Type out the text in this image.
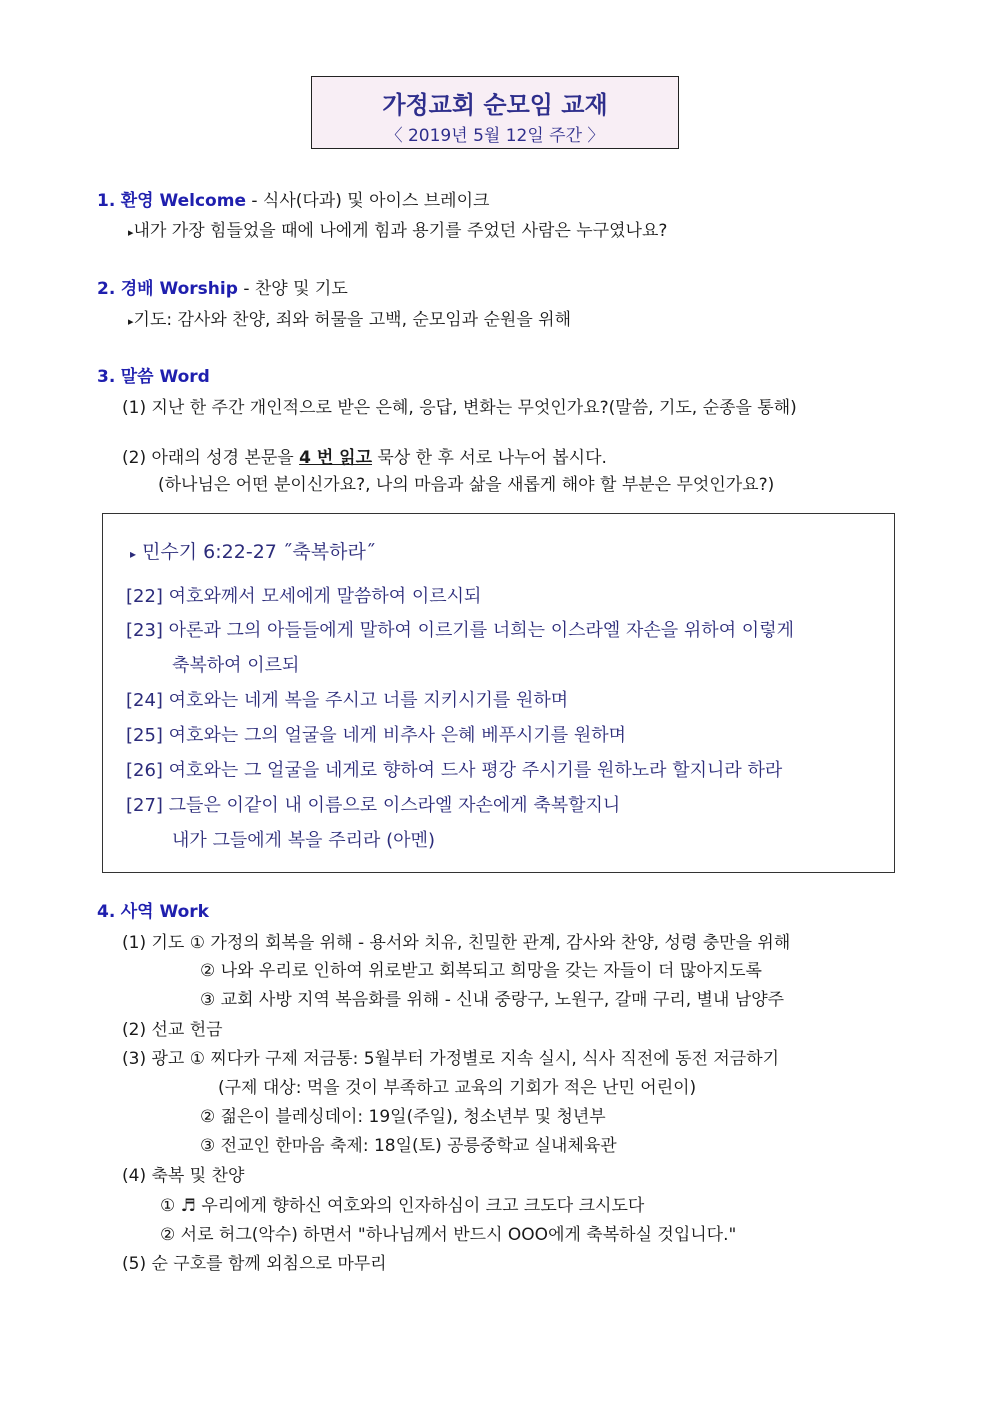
가정교회 순모임 교재
〈 2019년 5월 12일 주간 〉
1. 환영 Welcome - 식사(다과) 및 아이스 브레이크
▸내가 가장 힘들었을 때에 나에게 힘과 용기를 주었던 사람은 누구였나요?
2. 경배 Worship - 찬양 및 기도
▸기도: 감사와 찬양, 죄와 허물을 고백, 순모임과 순원을 위해
3. 말씀 Word
(1) 지난 한 주간 개인적으로 받은 은혜, 응답, 변화는 무엇인가요?(말씀, 기도, 순종을 통해)
(2) 아래의 성경 본문을 4 번 읽고 묵상 한 후 서로 나누어 봅시다.
(하나님은 어떤 분이신가요?, 나의 마음과 삶을 새롭게 해야 할 부분은 무엇인가요?)
▸ 민수기 6:22-27 ˝축복하라˝
[22] 여호와께서 모세에게 말씀하여 이르시되
[23] 아론과 그의 아들들에게 말하여 이르기를 너희는 이스라엘 자손을 위하여 이렇게
축복하여 이르되
[24] 여호와는 네게 복을 주시고 너를 지키시기를 원하며
[25] 여호와는 그의 얼굴을 네게 비추사 은혜 베푸시기를 원하며
[26] 여호와는 그 얼굴을 네게로 향하여 드사 평강 주시기를 원하노라 할지니라 하라
[27] 그들은 이같이 내 이름으로 이스라엘 자손에게 축복할지니
내가 그들에게 복을 주리라 (아멘)
4. 사역 Work
(1) 기도 ① 가정의 회복을 위해 - 용서와 치유, 친밀한 관계, 감사와 찬양, 성령 충만을 위해
② 나와 우리로 인하여 위로받고 회복되고 희망을 갖는 자들이 더 많아지도록
③ 교회 사방 지역 복음화를 위해 - 신내 중랑구, 노원구, 갈매 구리, 별내 남양주
(2) 선교 헌금
(3) 광고 ① 찌다카 구제 저금통: 5월부터 가정별로 지속 실시, 식사 직전에 동전 저금하기
(구제 대상: 먹을 것이 부족하고 교육의 기회가 적은 난민 어린이)
② 젊은이 블레싱데이: 19일(주일), 청소년부 및 청년부
③ 전교인 한마음 축제: 18일(토) 공릉중학교 실내체육관
(4) 축복 및 찬양
① ♬ 우리에게 향하신 여호와의 인자하심이 크고 크도다 크시도다
② 서로 허그(악수) 하면서 "하나님께서 반드시 OOO에게 축복하실 것입니다."
(5) 순 구호를 함께 외침으로 마무리
